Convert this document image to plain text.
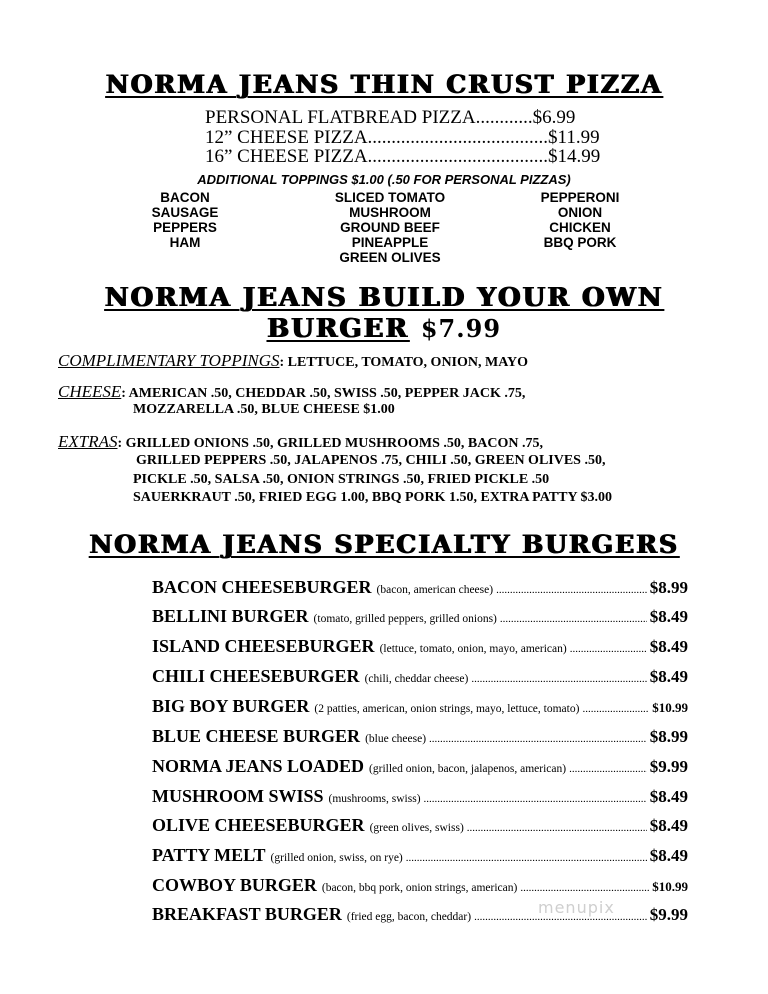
NORMA JEANS THIN CRUST PIZZA
PERSONAL FLATBREAD PIZZA............$6.99
12” CHEESE PIZZA......................................$11.99
16” CHEESE PIZZA......................................$14.99
ADDITIONAL TOPPINGS $1.00 (.50 FOR PERSONAL PIZZAS)
BACON
SAUSAGE
PEPPERS
HAM
SLICED TOMATO
MUSHROOM
GROUND BEEF
PINEAPPLE
GREEN OLIVES
PEPPERONI
ONION
CHICKEN
BBQ PORK
NORMA JEANS BUILD YOUR OWN
BURGER $7.99
COMPLIMENTARY TOPPINGS: LETTUCE, TOMATO, ONION, MAYO
CHEESE: AMERICAN .50, CHEDDAR .50, SWISS .50, PEPPER JACK .75,
MOZZARELLA .50, BLUE CHEESE $1.00
EXTRAS: GRILLED ONIONS .50, GRILLED MUSHROOMS .50, BACON .75,
GRILLED PEPPERS .50, JALAPENOS .75, CHILI .50, GREEN OLIVES .50,
PICKLE .50, SALSA .50, ONION STRINGS .50, FRIED PICKLE .50
SAUERKRAUT .50, FRIED EGG 1.00, BBQ PORK 1.50, EXTRA PATTY $3.00
NORMA JEANS SPECIALTY BURGERS
BACON CHEESEBURGER (bacon, american cheese) .....	$8.99
BELLINI BURGER (tomato, grilled peppers, grilled onions) .....	$8.49
ISLAND CHEESEBURGER (lettuce, tomato, onion, mayo, american) .....	$8.49
CHILI CHEESEBURGER (chili, cheddar cheese) .....	$8.49
BIG BOY BURGER (2 patties, american, onion strings, mayo, lettuce, tomato) .....	$10.99
BLUE CHEESE BURGER (blue cheese) .....	$8.99
NORMA JEANS LOADED (grilled onion, bacon, jalapenos, american) .....	$9.99
MUSHROOM SWISS (mushrooms, swiss) .....	$8.49
OLIVE CHEESEBURGER (green olives, swiss) .....	$8.49
PATTY MELT (grilled onion, swiss, on rye) .....	$8.49
COWBOY BURGER (bacon, bbq pork, onion strings, american) .....	$10.99
BREAKFAST BURGER (fried egg, bacon, cheddar) .....	$9.99
menupix
